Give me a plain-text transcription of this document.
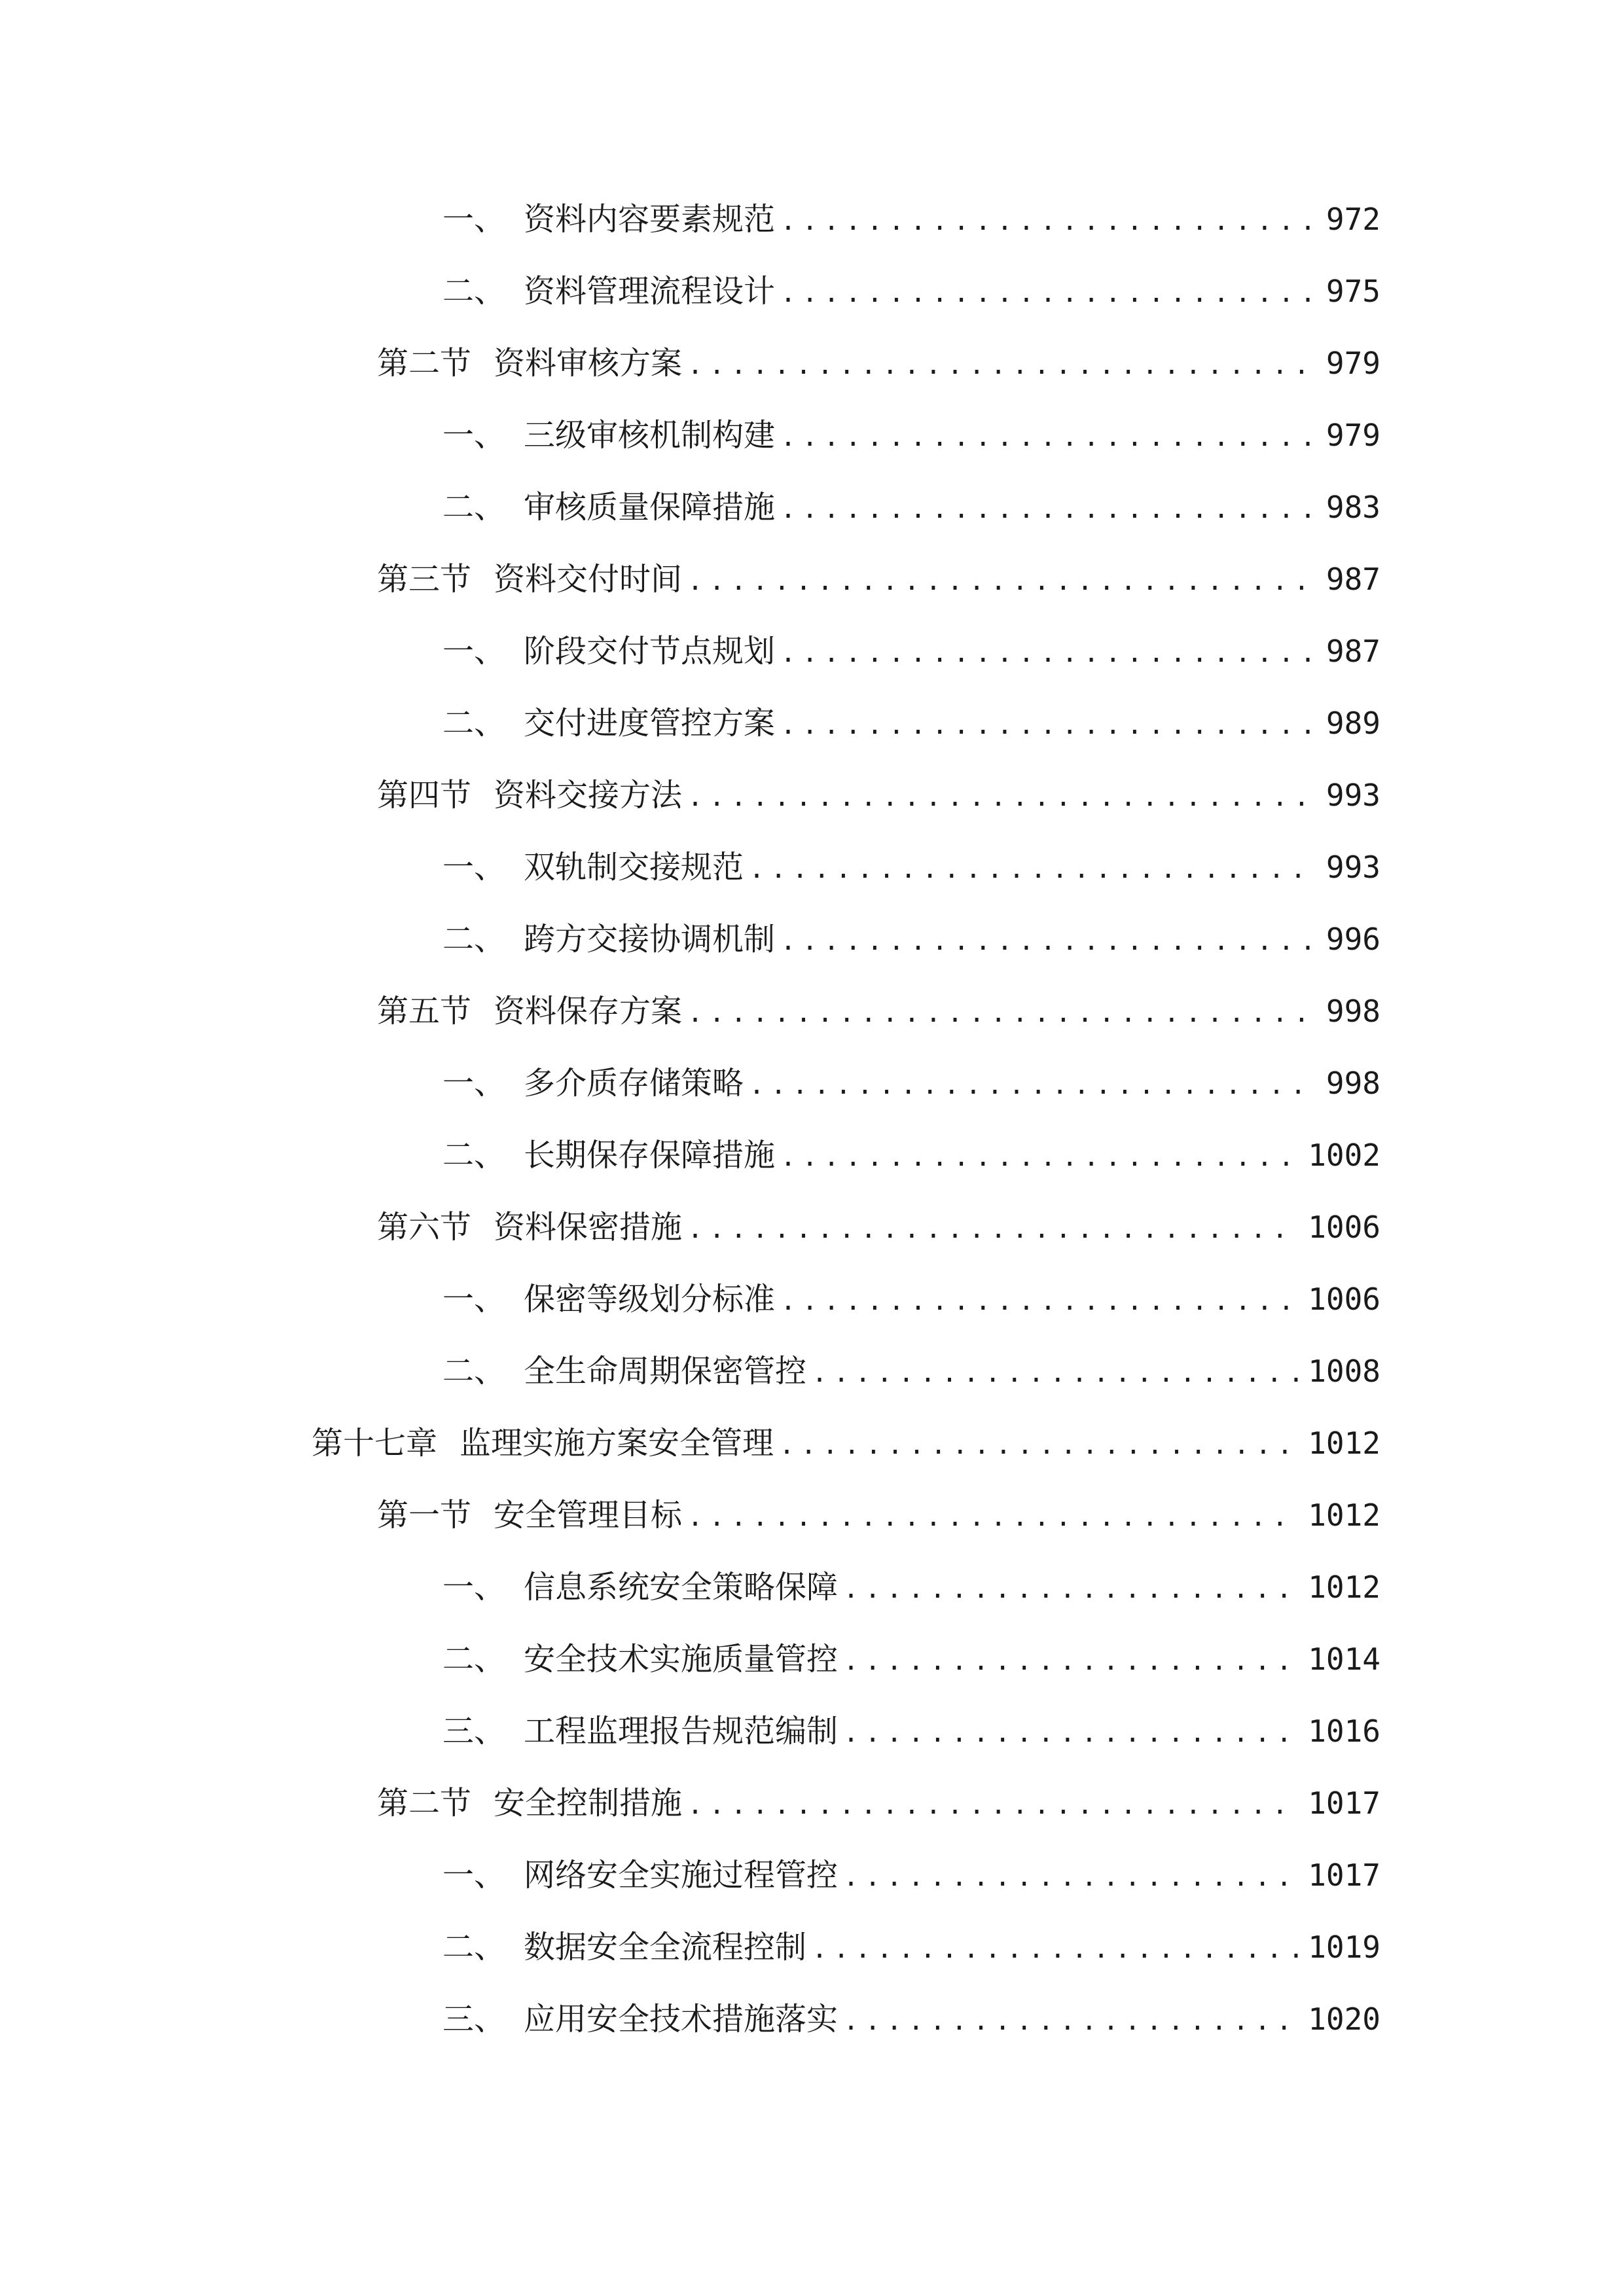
一、 资料内容要素规范 .....	972
二、 资料管理流程设计 .....	975
第二节 资料审核方案 .....	979
一、 三级审核机制构建 .....	979
二、 审核质量保障措施 .....	983
第三节 资料交付时间 .....	987
一、 阶段交付节点规划 .....	987
二、 交付进度管控方案 .....	989
第四节 资料交接方法 .....	993
一、 双轨制交接规范 .....	993
二、 跨方交接协调机制 .....	996
第五节 资料保存方案 .....	998
一、 多介质存储策略 .....	998
二、 长期保存保障措施 .....	1002
第六节 资料保密措施 .....	1006
一、 保密等级划分标准 .....	1006
二、 全生命周期保密管控 .....	1008
第十七章 监理实施方案安全管理 .....	1012
第一节 安全管理目标 .....	1012
一、 信息系统安全策略保障 .....	1012
二、 安全技术实施质量管控 .....	1014
三、 工程监理报告规范编制 .....	1016
第二节 安全控制措施 .....	1017
一、 网络安全实施过程管控 .....	1017
二、 数据安全全流程控制 .....	1019
三、 应用安全技术措施落实 .....	1020
